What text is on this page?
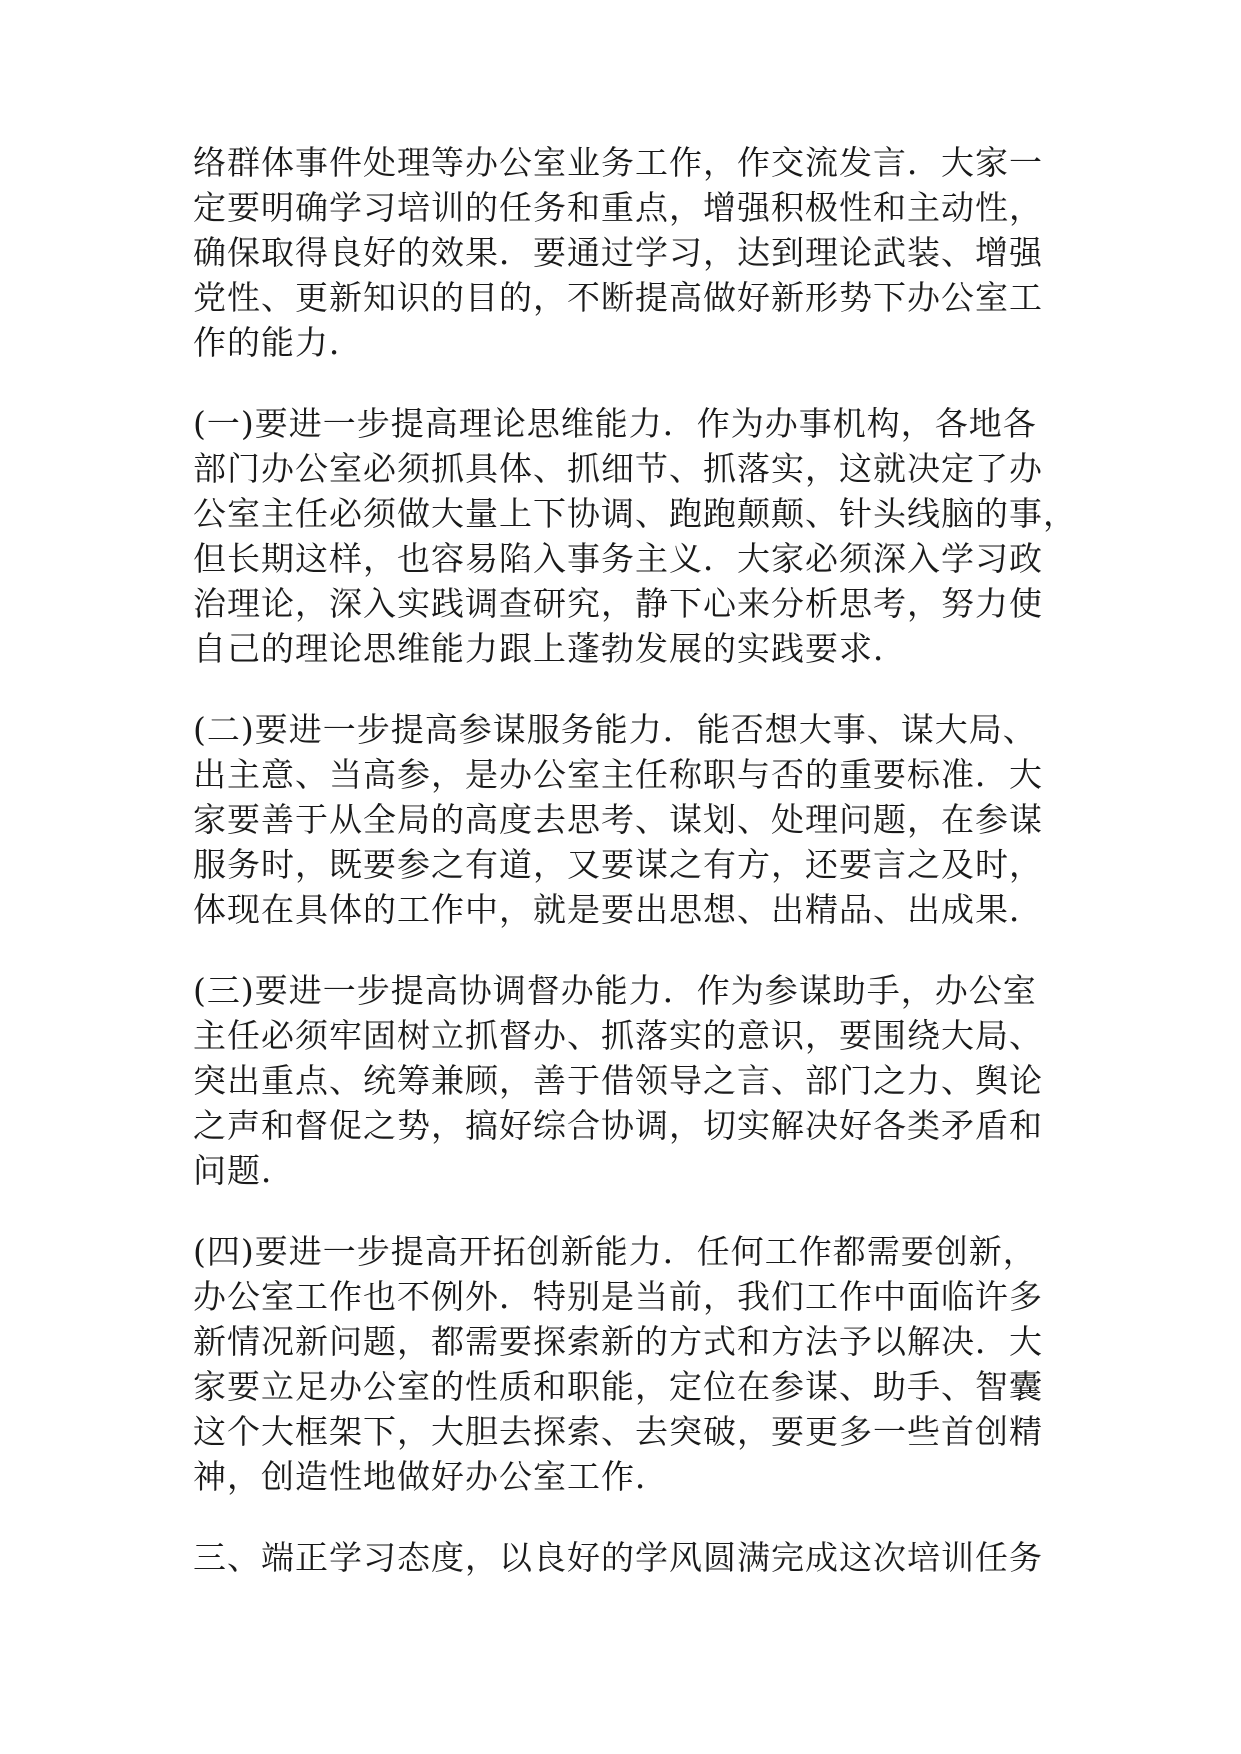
络群体事件处理等办公室业务工作，作交流发言．大家一
定要明确学习培训的任务和重点，增强积极性和主动性，
确保取得良好的效果．要通过学习，达到理论武装、增强
党性、更新知识的目的，不断提高做好新形势下办公室工
作的能力．
(一)要进一步提高理论思维能力．作为办事机构，各地各
部门办公室必须抓具体、抓细节、抓落实，这就决定了办
公室主任必须做大量上下协调、跑跑颠颠、针头线脑的事，
但长期这样，也容易陷入事务主义．大家必须深入学习政
治理论，深入实践调查研究，静下心来分析思考，努力使
自己的理论思维能力跟上蓬勃发展的实践要求．
(二)要进一步提高参谋服务能力．能否想大事、谋大局、
出主意、当高参，是办公室主任称职与否的重要标准．大
家要善于从全局的高度去思考、谋划、处理问题，在参谋
服务时，既要参之有道，又要谋之有方，还要言之及时，
体现在具体的工作中，就是要出思想、出精品、出成果．
(三)要进一步提高协调督办能力．作为参谋助手，办公室
主任必须牢固树立抓督办、抓落实的意识，要围绕大局、
突出重点、统筹兼顾，善于借领导之言、部门之力、舆论
之声和督促之势，搞好综合协调，切实解决好各类矛盾和
问题．
(四)要进一步提高开拓创新能力．任何工作都需要创新，
办公室工作也不例外．特别是当前，我们工作中面临许多
新情况新问题，都需要探索新的方式和方法予以解决．大
家要立足办公室的性质和职能，定位在参谋、助手、智囊
这个大框架下，大胆去探索、去突破，要更多一些首创精
神，创造性地做好办公室工作．
三、端正学习态度，以良好的学风圆满完成这次培训任务
